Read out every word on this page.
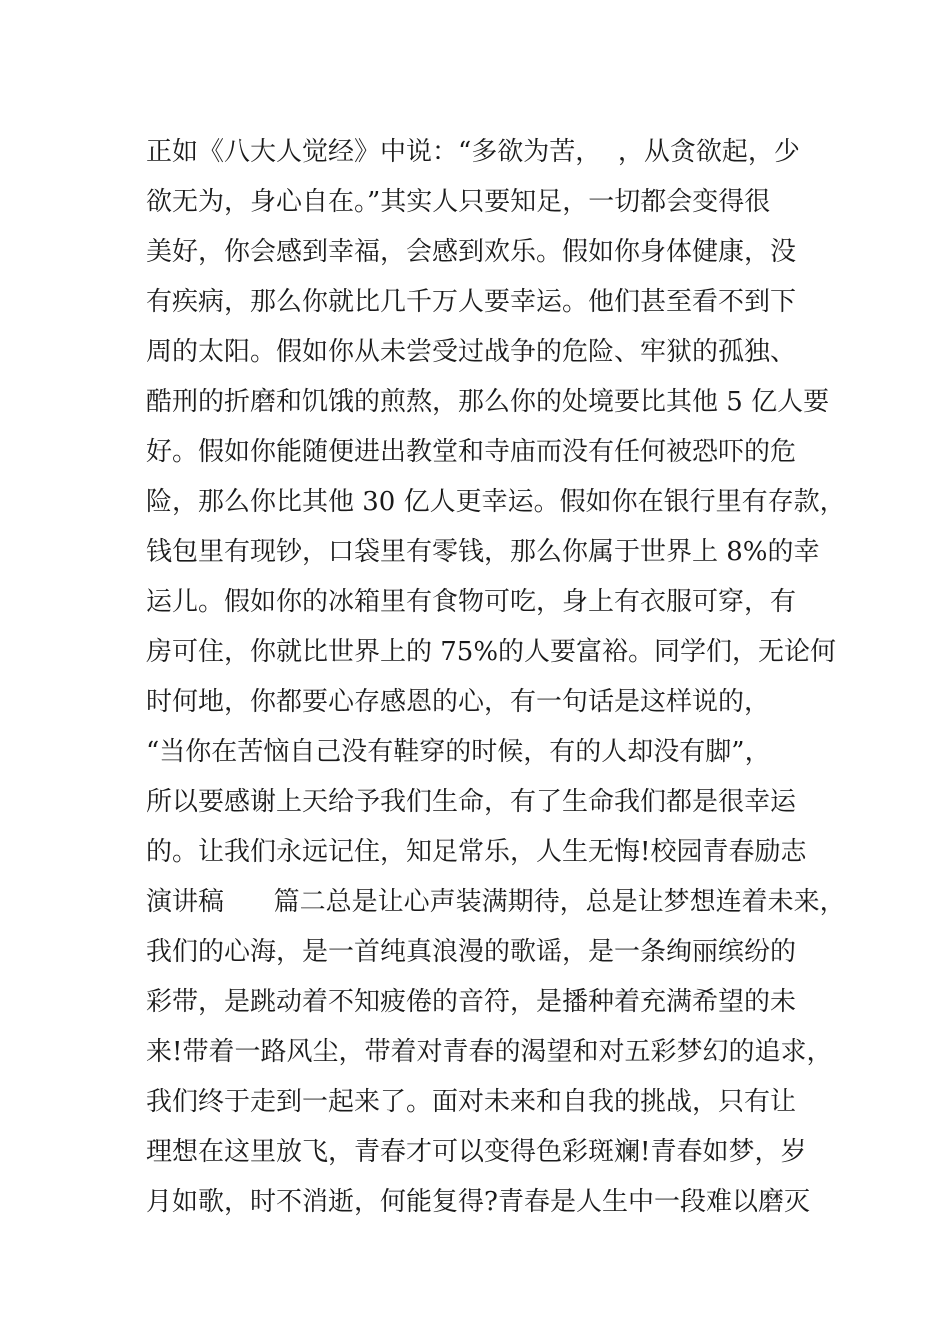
正如《八大人觉经》中说：“多欲为苦，  ，从贪欲起，少
欲无为，身心自在。”其实人只要知足，一切都会变得很
美好，你会感到幸福，会感到欢乐。假如你身体健康，没
有疾病，那么你就比几千万人要幸运。他们甚至看不到下
周的太阳。假如你从未尝受过战争的危险、牢狱的孤独、
酷刑的折磨和饥饿的煎熬，那么你的处境要比其他 5 亿人要
好。假如你能随便进出教堂和寺庙而没有任何被恐吓的危
险，那么你比其他 30 亿人更幸运。假如你在银行里有存款，
钱包里有现钞，口袋里有零钱，那么你属于世界上 8%的幸
运儿。假如你的冰箱里有食物可吃，身上有衣服可穿，有
房可住，你就比世界上的 75%的人要富裕。同学们，无论何
时何地，你都要心存感恩的心，有一句话是这样说的，
“当你在苦恼自己没有鞋穿的时候，有的人却没有脚”，
所以要感谢上天给予我们生命，有了生命我们都是很幸运
的。让我们永远记住，知足常乐，人生无悔!校园青春励志
演讲稿      篇二总是让心声装满期待，总是让梦想连着未来，
我们的心海，是一首纯真浪漫的歌谣，是一条绚丽缤纷的
彩带，是跳动着不知疲倦的音符，是播种着充满希望的未
来!带着一路风尘，带着对青春的渴望和对五彩梦幻的追求，
我们终于走到一起来了。面对未来和自我的挑战，只有让
理想在这里放飞，青春才可以变得色彩斑斓!青春如梦，岁
月如歌，时不消逝，何能复得?青春是人生中一段难以磨灭
